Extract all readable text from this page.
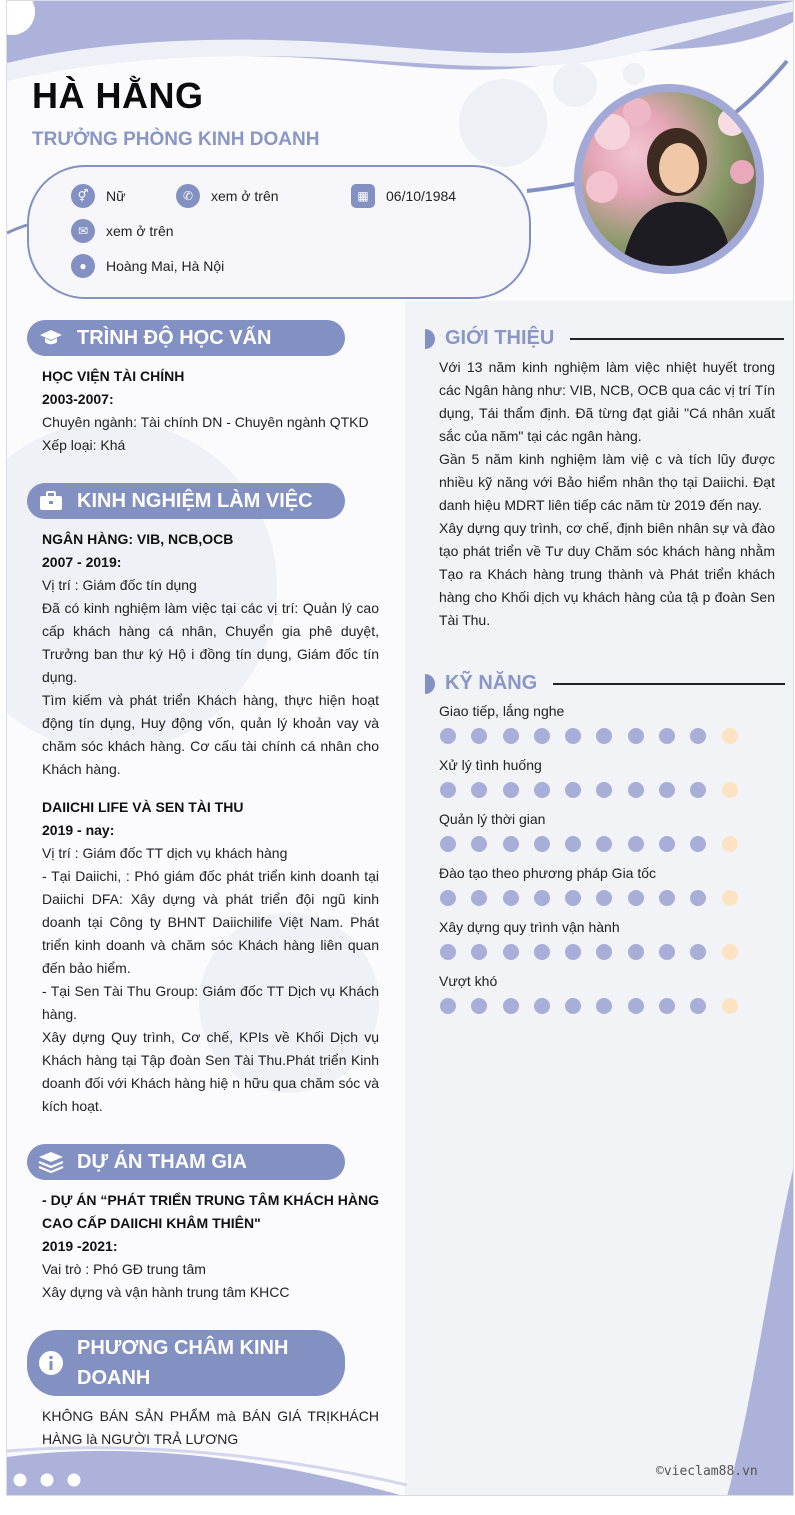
HÀ HẰNG
TRƯỞNG PHÒNG KINH DOANH
⚥	Nữ	✆	xem ở trên	▦	06/10/1984
✉	xem ở trên
●	Hoàng Mai, Hà Nội
TRÌNH ĐỘ HỌC VẤN
HỌC VIỆN TÀI CHÍNH
2003-2007:
Chuyên ngành: Tài chính DN - Chuyên ngành QTKD
Xếp loại: Khá
KINH NGHIỆM LÀM VIỆC
NGÂN HÀNG: VIB, NCB,OCB
2007 - 2019:
Vị trí : Giám đốc tín dụng
Đã có kinh nghiệm làm việc tại các vị trí: Quản lý cao cấp khách hàng cá nhân, Chuyển gia phê duyệt, Trưởng ban thư ký Hộ i đồng tín dụng, Giám đốc tín dụng.
Tìm kiếm và phát triển Khách hàng, thực hiện hoạt động tín dụng, Huy động vốn, quản lý khoản vay và chăm sóc khách hàng. Cơ cấu tài chính cá nhân cho Khách hàng.
DAIICHI LIFE VÀ SEN TÀI THU
2019 - nay:
Vị trí : Giám đốc TT dịch vụ khách hàng
- Tại Daiichi, : Phó giám đốc phát triển kinh doanh tại Daiichi DFA: Xây dựng và phát triển đội ngũ kinh doanh tại Công ty BHNT Daiichilife Việt Nam. Phát triển kinh doanh và chăm sóc Khách hàng liên quan đến bảo hiểm.
- Tại Sen Tài Thu Group: Giám đốc TT Dịch vụ Khách hàng.
Xây dựng Quy trình, Cơ chế, KPIs về Khối Dịch vụ Khách hàng tại Tập đoàn Sen Tài Thu.Phát triển Kinh doanh đối với Khách hàng hiệ n hữu qua chăm sóc và kích hoạt.
DỰ ÁN THAM GIA
- DỰ ÁN “PHÁT TRIỂN TRUNG TÂM KHÁCH HÀNG CAO CẤP DAIICHI KHÂM THIÊN"
2019 -2021:
Vai trò : Phó GĐ trung tâm
Xây dựng và vận hành trung tâm KHCC
PHƯƠNG CHÂM KINH DOANH
KHÔNG BÁN SẢN PHẨM mà BÁN GIÁ TRỊKHÁCH HÀNG là NGƯỜI TRẢ LƯƠNG
GIỚI THIỆU
Với 13 năm kinh nghiệm làm việc nhiệt huyết trong các Ngân hàng như: VIB, NCB, OCB qua các vị trí Tín dụng, Tái thẩm định. Đã từng đạt giải "Cá nhân xuất sắc của năm" tại các ngân hàng.
Gần 5 năm kinh nghiệm làm việ c và tích lũy được nhiều kỹ năng với Bảo hiểm nhân thọ tại Daiichi. Đạt danh hiệu MDRT liên tiếp các năm từ 2019 đến nay.
Xây dựng quy trình, cơ chế, định biên nhân sự và đào tạo phát triển về Tư duy Chăm sóc khách hàng nhằm Tạo ra Khách hàng trung thành và Phát triển khách hàng cho Khối dịch vụ khách hàng của tậ p đoàn Sen Tài Thu.
KỸ NĂNG
Giao tiếp, lắng nghe
Xử lý tình huống
Quản lý thời gian
Đào tạo theo phương pháp Gia tốc
Xây dựng quy trình vận hành
Vượt khó
©vieclam88.vn
